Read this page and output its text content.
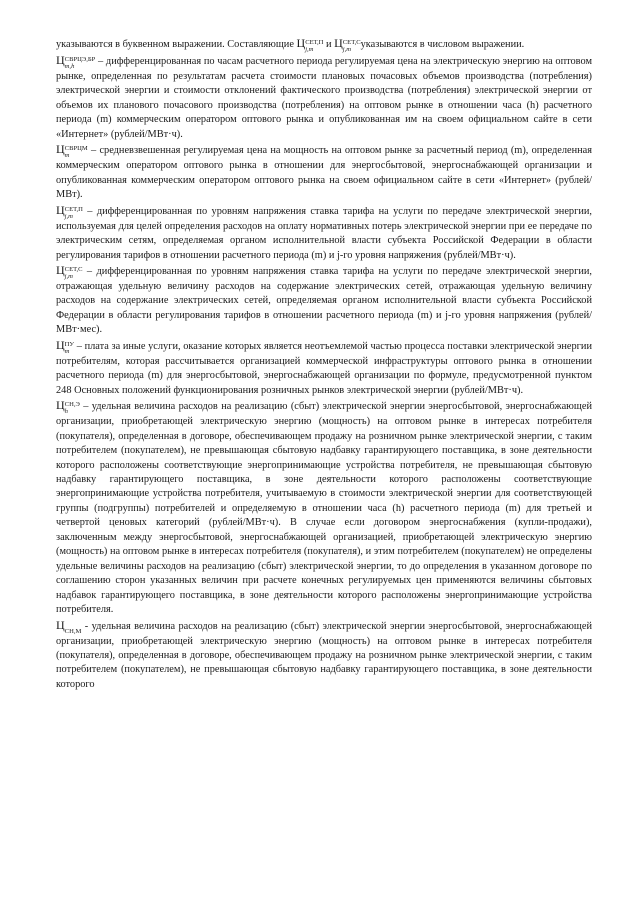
указываются в буквенном выражении. Составляющие Ц СЕТ,П
j,m и Ц СЕТ,С
j,m указываются в числовом выражении.

Ц СВРЦЭ,БР
m,h	– дифференцированная по часам расчетного периода регулируемая цена на электрическую энергию на оптовом рынке, определенная по результатам расчета стоимости плановых почасовых объемов производства (потребления) электрической энергии и стоимости отклонений фактического производства (потребления) электрической энергии от объемов их планового почасового производства (потребления) на оптовом рынке в отношении часа (h) расчетного периода (m) коммерческим оператором оптового рынка и опубликованная им на своем официальном сайте в сети «Интернет» (рублей/МВт·ч).

Ц СВРЦМ
m	– средневзвешенная регулируемая цена на мощность на оптовом рынке за расчетный период (m), определенная коммерческим оператором оптового рынка в отношении для энергосбытовой, энергоснабжающей организации и опубликованная коммерческим оператором оптового рынка на своем официальном сайте в сети «Интернет» (рублей/МВт).

Ц СЕТ,П
j,m – дифференцированная по уровням напряжения ставка тарифа на услуги по передаче электрической энергии, используемая для целей определения расходов на оплату нормативных потерь электрической энергии при ее передаче по электрическим сетям, определяемая органом исполнительной власти субъекта Российской Федерации в области регулирования тарифов в отношении расчетного периода (m) и j-го уровня напряжения (рублей/МВт·ч).

Ц СЕТ,С
j,m – дифференцированная по уровням напряжения ставка тарифа на услуги по передаче электрической энергии, отражающая удельную величину расходов на содержание электрических сетей, отражающая удельную величину расходов на содержание электрических сетей, определяемая органом исполнительной власти субъекта Российской Федерации в области регулирования тарифов в отношении расчетного периода (m) и j-го уровня напряжения (рублей/МВт·мес).

Ц ПУ
m – плата за иные услуги, оказание которых является неотъемлемой частью процесса поставки электрической энергии потребителям, которая рассчитывается организацией коммерческой инфраструктуры оптового рынка в отношении расчетного периода (m) для энергосбытовой, энергоснабжающей организации по формуле, предусмотренной пунктом 248 Основных положений функционирования розничных рынков электрической энергии (рублей/МВт·ч).

Ц СН,Э
h	– удельная величина расходов на реализацию (сбыт) электрической энергии энергосбытовой, энергоснабжающей организации, приобретающей электрическую энергию (мощность) на оптовом рынке в интересах потребителя (покупателя), определенная в договоре, обеспечивающем продажу на розничном рынке электрической энергии, с таким потребителем (покупателем), не превышающая сбытовую надбавку гарантирующего поставщика, в зоне деятельности которого расположены соответствующие энергопринимающие устройства потребителя, не превышающая сбытовую надбавку гарантирующего поставщика, в зоне деятельности которого расположены соответствующие энергопринимающие устройства потребителя, учитываемую в стоимости электрической энергии для соответствующей группы (подгруппы) потребителей и определяемую в отношении часа (h) расчетного периода (m) для третьей и четвертой ценовых категорий (рублей/МВт·ч). В случае если договором энергоснабжения (купли-продажи), заключенным между энергосбытовой, энергоснабжающей организацией, приобретающей электрическую энергию (мощность) на оптовом рынке в интересах потребителя (покупателя), и этим потребителем (покупателем) не определены удельные величины расходов на реализацию (сбыт) электрической энергии, то до определения в указанном договоре по соглашению сторон указанных величин при расчете конечных регулируемых цен применяются величины сбытовых надбавок гарантирующего поставщика, в зоне деятельности которого расположены энергопринимающие устройства потребителя.

Ц СН,М - удельная величина расходов на реализацию (сбыт) электрической энергии энергосбытовой, энергоснабжающей организации, приобретающей электрическую энергию (мощность) на оптовом рынке в интересах потребителя (покупателя), определенная в договоре, обеспечивающем продажу на розничном рынке электрической энергии, с таким потребителем (покупателем), не превышающая сбытовую надбавку гарантирующего поставщика, в зоне деятельности которого
